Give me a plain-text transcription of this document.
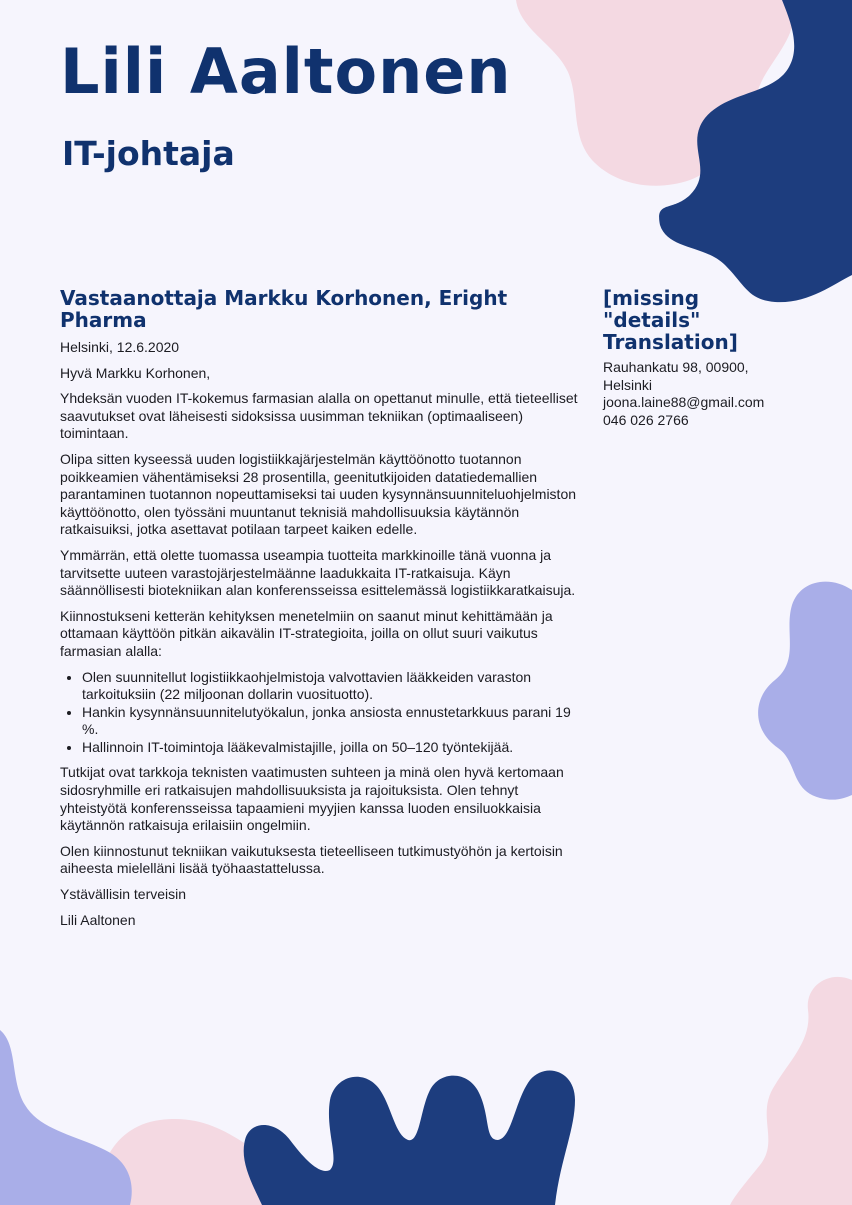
Lili Aaltonen
IT-johtaja
Vastaanottaja Markku Korhonen, Eright Pharma

Helsinki, 12.6.2020

Hyvä Markku Korhonen,

Yhdeksän vuoden IT-kokemus farmasian alalla on opettanut minulle, että tieteelliset saavutukset ovat läheisesti sidoksissa uusimman tekniikan (optimaaliseen) toimintaan.

Olipa sitten kyseessä uuden logistiikkajärjestelmän käyttöönotto tuotannon poikkeamien vähentämiseksi 28 prosentilla, geenitutkijoiden datatiedemallien parantaminen tuotannon nopeuttamiseksi tai uuden kysynnänsuunniteluohjelmiston käyttöönotto, olen työssäni muuntanut teknisiä mahdollisuuksia käytännön ratkaisuiksi, jotka asettavat potilaan tarpeet kaiken edelle.

Ymmärrän, että olette tuomassa useampia tuotteita markkinoille tänä vuonna ja tarvitsette uuteen varastojärjestelmäänne laadukkaita IT-ratkaisuja. Käyn säännöllisesti biotekniikan alan konferensseissa esittelemässä logistiikkaratkaisuja.

Kiinnostukseni ketterän kehityksen menetelmiin on saanut minut kehittämään ja ottamaan käyttöön pitkän aikavälin IT-strategioita, joilla on ollut suuri vaikutus farmasian alalla:

• Olen suunnitellut logistiikkaohjelmistoja valvottavien lääkkeiden varaston tarkoituksiin (22 miljoonan dollarin vuosituotto).
• Hankin kysynnänsuunnitelutyökalun, jonka ansiosta ennustetarkkuus parani 19 %.
• Hallinnoin IT-toimintoja lääkevalmistajille, joilla on 50–120 työntekijää.

Tutkijat ovat tarkkoja teknisten vaatimusten suhteen ja minä olen hyvä kertomaan sidosryhmille eri ratkaisujen mahdollisuuksista ja rajoituksista. Olen tehnyt yhteistyötä konferensseissa tapaamieni myyjien kanssa luoden ensiluokkaisia käytännön ratkaisuja erilaisiin ongelmiin.

Olen kiinnostunut tekniikan vaikutuksesta tieteelliseen tutkimustyöhön ja kertoisin aiheesta mielelläni lisää työhaastattelussa.

Ystävällisin terveisin

Lili Aaltonen

[missing "details" Translation]
Rauhankatu 98, 00900,
Helsinki
joona.laine88@gmail.com
046 026 2766
